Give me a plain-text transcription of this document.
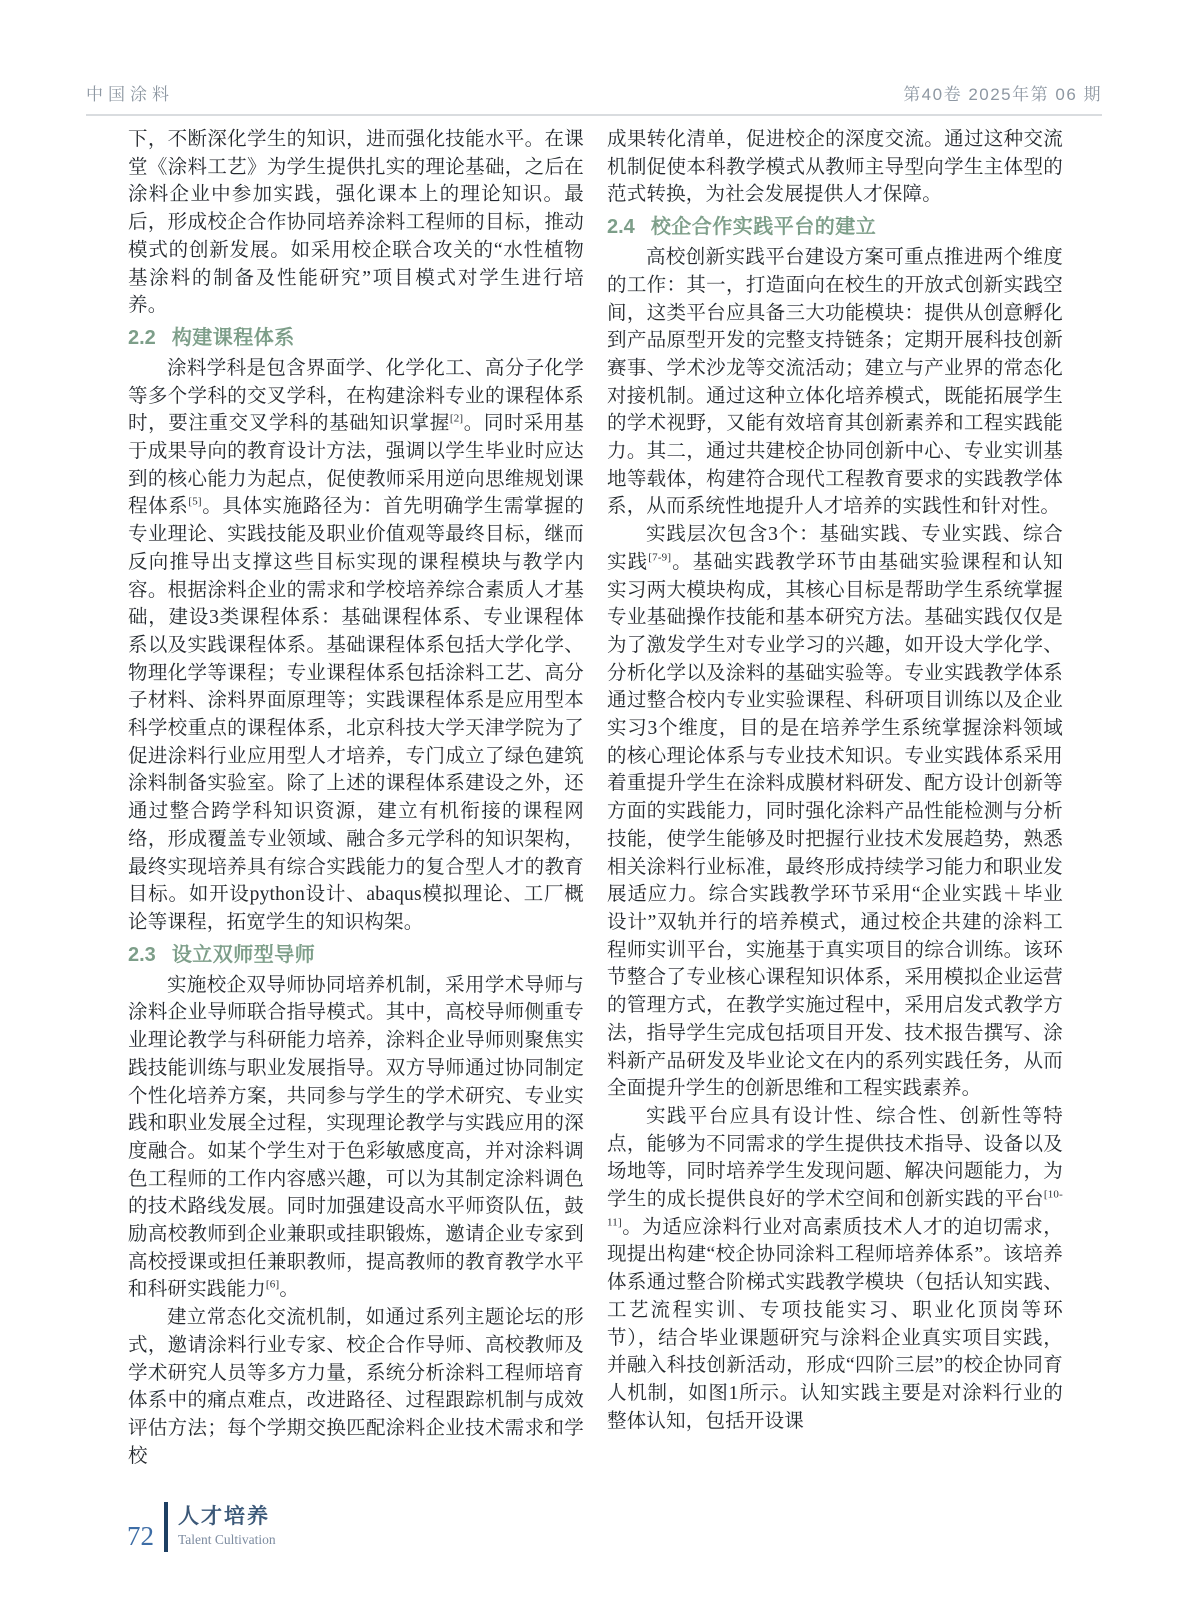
中国涂料	第40卷 2025年第 06 期

下，不断深化学生的知识，进而强化技能水平。在课堂《涂料工艺》为学生提供扎实的理论基础，之后在涂料企业中参加实践，强化课本上的理论知识。最后，形成校企合作协同培养涂料工程师的目标，推动模式的创新发展。如采用校企联合攻关的“水性植物基涂料的制备及性能研究”项目模式对学生进行培养。

2.2 构建课程体系

涂料学科是包含界面学、化学化工、高分子化学等多个学科的交叉学科，在构建涂料专业的课程体系时，要注重交叉学科的基础知识掌握[2]。同时采用基于成果导向的教育设计方法，强调以学生毕业时应达到的核心能力为起点，促使教师采用逆向思维规划课程体系[5]。具体实施路径为：首先明确学生需掌握的专业理论、实践技能及职业价值观等最终目标，继而反向推导出支撑这些目标实现的课程模块与教学内容。根据涂料企业的需求和学校培养综合素质人才基础，建设3类课程体系：基础课程体系、专业课程体系以及实践课程体系。基础课程体系包括大学化学、物理化学等课程；专业课程体系包括涂料工艺、高分子材料、涂料界面原理等；实践课程体系是应用型本科学校重点的课程体系，北京科技大学天津学院为了促进涂料行业应用型人才培养，专门成立了绿色建筑涂料制备实验室。除了上述的课程体系建设之外，还通过整合跨学科知识资源，建立有机衔接的课程网络，形成覆盖专业领域、融合多元学科的知识架构，最终实现培养具有综合实践能力的复合型人才的教育目标。如开设python设计、abaqus模拟理论、工厂概论等课程，拓宽学生的知识构架。

2.3 设立双师型导师

实施校企双导师协同培养机制，采用学术导师与涂料企业导师联合指导模式。其中，高校导师侧重专业理论教学与科研能力培养，涂料企业导师则聚焦实践技能训练与职业发展指导。双方导师通过协同制定个性化培养方案，共同参与学生的学术研究、专业实践和职业发展全过程，实现理论教学与实践应用的深度融合。如某个学生对于色彩敏感度高，并对涂料调色工程师的工作内容感兴趣，可以为其制定涂料调色的技术路线发展。同时加强建设高水平师资队伍，鼓励高校教师到企业兼职或挂职锻炼，邀请企业专家到高校授课或担任兼职教师，提高教师的教育教学水平和科研实践能力[6]。

建立常态化交流机制，如通过系列主题论坛的形式，邀请涂料行业专家、校企合作导师、高校教师及学术研究人员等多方力量，系统分析涂料工程师培育体系中的痛点难点，改进路径、过程跟踪机制与成效评估方法；每个学期交换匹配涂料企业技术需求和学校

成果转化清单，促进校企的深度交流。通过这种交流机制促使本科教学模式从教师主导型向学生主体型的范式转换，为社会发展提供人才保障。

2.4 校企合作实践平台的建立

高校创新实践平台建设方案可重点推进两个维度的工作：其一，打造面向在校生的开放式创新实践空间，这类平台应具备三大功能模块：提供从创意孵化到产品原型开发的完整支持链条；定期开展科技创新赛事、学术沙龙等交流活动；建立与产业界的常态化对接机制。通过这种立体化培养模式，既能拓展学生的学术视野，又能有效培育其创新素养和工程实践能力。其二，通过共建校企协同创新中心、专业实训基地等载体，构建符合现代工程教育要求的实践教学体系，从而系统性地提升人才培养的实践性和针对性。

实践层次包含3个：基础实践、专业实践、综合实践[7-9]。基础实践教学环节由基础实验课程和认知实习两大模块构成，其核心目标是帮助学生系统掌握专业基础操作技能和基本研究方法。基础实践仅仅是为了激发学生对专业学习的兴趣，如开设大学化学、分析化学以及涂料的基础实验等。专业实践教学体系通过整合校内专业实验课程、科研项目训练以及企业实习3个维度，目的是在培养学生系统掌握涂料领域的核心理论体系与专业技术知识。专业实践体系采用着重提升学生在涂料成膜材料研发、配方设计创新等方面的实践能力，同时强化涂料产品性能检测与分析技能，使学生能够及时把握行业技术发展趋势，熟悉相关涂料行业标准，最终形成持续学习能力和职业发展适应力。综合实践教学环节采用“企业实践＋毕业设计”双轨并行的培养模式，通过校企共建的涂料工程师实训平台，实施基于真实项目的综合训练。该环节整合了专业核心课程知识体系，采用模拟企业运营的管理方式，在教学实施过程中，采用启发式教学方法，指导学生完成包括项目开发、技术报告撰写、涂料新产品研发及毕业论文在内的系列实践任务，从而全面提升学生的创新思维和工程实践素养。

实践平台应具有设计性、综合性、创新性等特点，能够为不同需求的学生提供技术指导、设备以及场地等，同时培养学生发现问题、解决问题能力，为学生的成长提供良好的学术空间和创新实践的平台[10-11]。为适应涂料行业对高素质技术人才的迫切需求，现提出构建“校企协同涂料工程师培养体系”。该培养体系通过整合阶梯式实践教学模块（包括认知实践、工艺流程实训、专项技能实习、职业化顶岗等环节），结合毕业课题研究与涂料企业真实项目实践，并融入科技创新活动，形成“四阶三层”的校企协同育人机制，如图1所示。认知实践主要是对涂料行业的整体认知，包括开设课

72
人才培养
Talent Cultivation
